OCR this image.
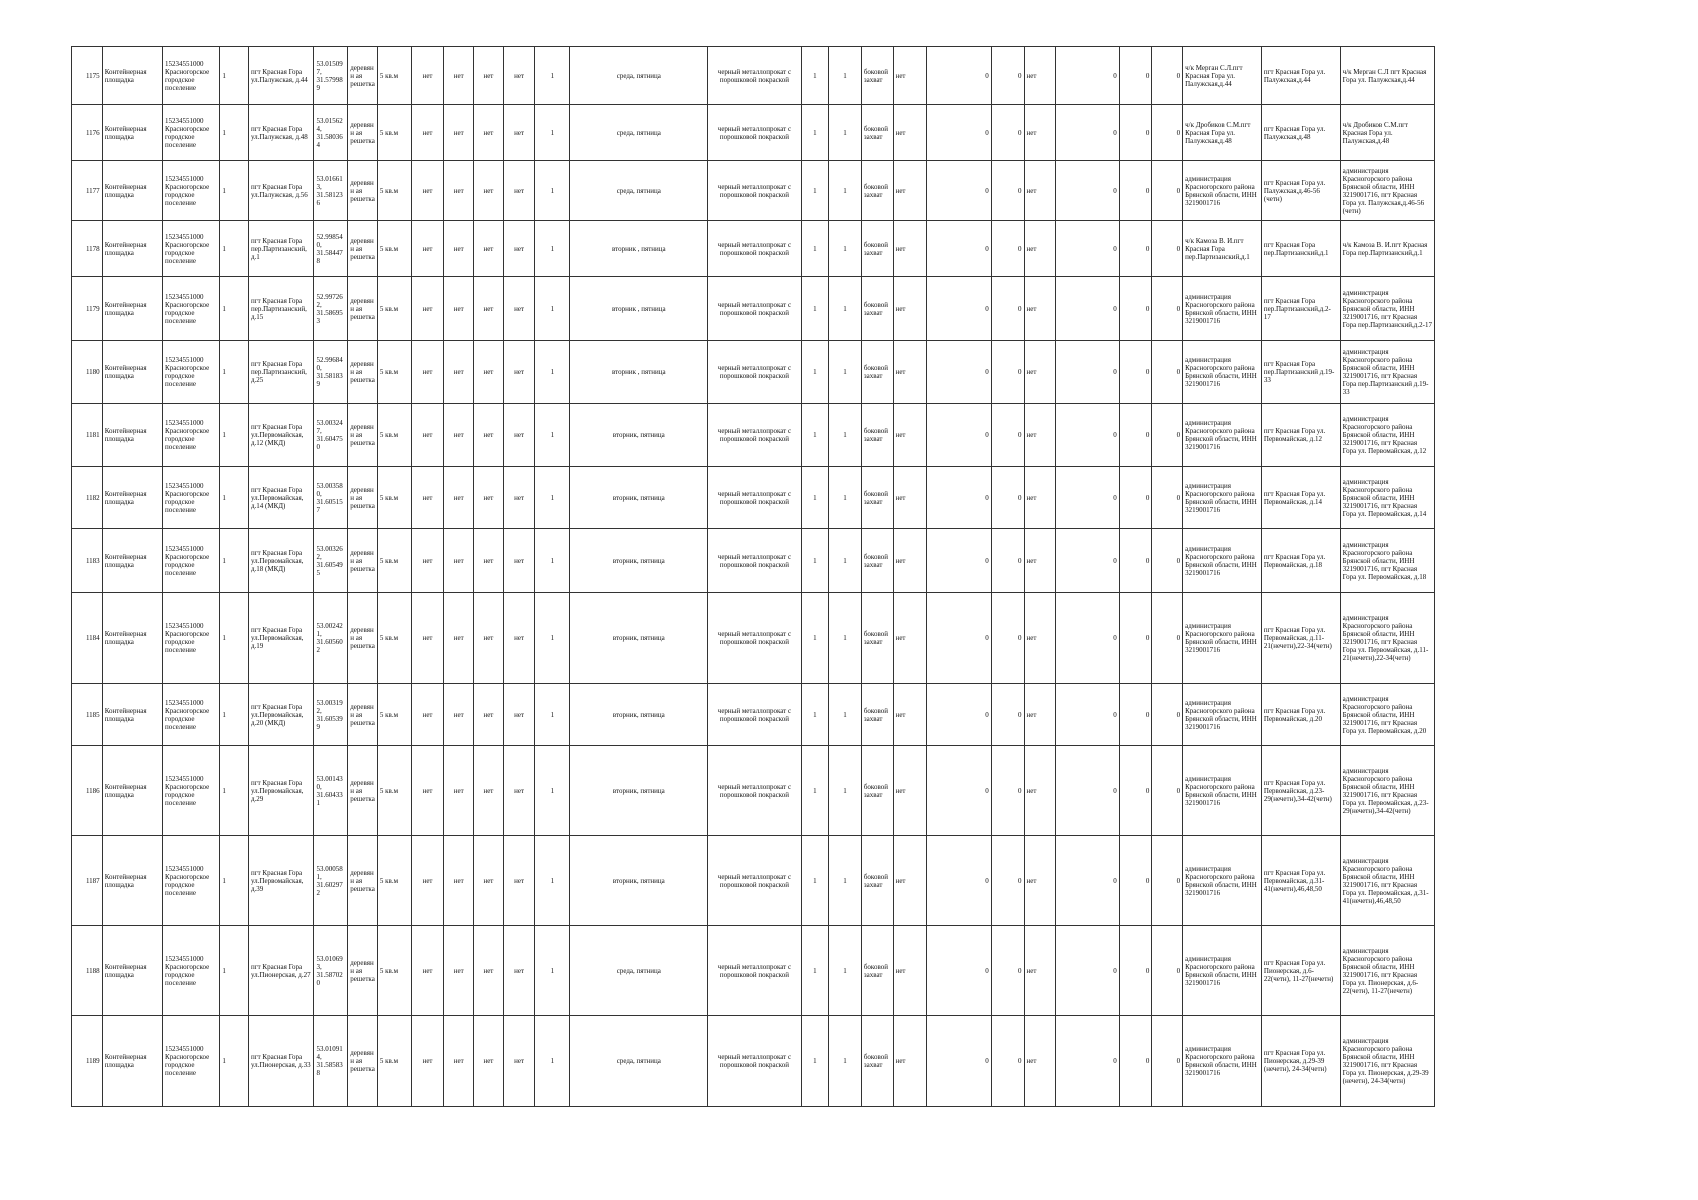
1175	Контейнерная площадка	15234551000 Красногорское городское поселение	1	пгт Красная Гора ул.Палужская, д.44	53.01509 7, 31.57998 9	деревянн ая решетка	5 кв.м	нет	нет	нет	нет	1	среда, пятница	черный металлопрокат с порошковой покраской	1	1	боковой захват	нет	0	0	нет	0	0	0	ч/к Мерган С.Л.пгт Красная Гора ул. Палужская,д.44	пгт Красная Гора ул. Палужская,д.44	ч/к Мерган С.Л пгт Красная Гора ул. Палужская,д.44
1176	Контейнерная площадка	15234551000 Красногорское городское поселение	1	пгт Красная Гора ул.Палужская, д.48	53.01562 4, 31.58036 4	деревянн ая решетка	5 кв.м	нет	нет	нет	нет	1	среда, пятница	черный металлопрокат с порошковой покраской	1	1	боковой захват	нет	0	0	нет	0	0	0	ч/к Дробиков С.М.пгт Красная Гора ул. Палужская,д.48	пгт Красная Гора ул. Палужская,д.48	ч/к Дробиков С.М.пгт Красная Гора ул. Палужская,д.48
1177	Контейнерная площадка	15234551000 Красногорское городское поселение	1	пгт Красная Гора ул.Палужская, д.56	53.01661 3, 31.58123 6	деревянн ая решетка	5 кв.м	нет	нет	нет	нет	1	среда, пятница	черный металлопрокат с порошковой покраской	1	1	боковой захват	нет	0	0	нет	0	0	0	администрация Красногорского района Брянской области, ИНН 3219001716	пгт Красная Гора ул. Палужская,д.46-56 (четн)	администрация Красногорского района Брянской области, ИНН 3219001716, пгт Красная Гора ул. Палужская,д.46-56 (четн)
1178	Контейнерная площадка	15234551000 Красногорское городское поселение	1	пгт Красная Гора пер.Партизанский, д.1	52.99854 0, 31.58447 8	деревянн ая решетка	5 кв.м	нет	нет	нет	нет	1	вторник , пятница	черный металлопрокат с порошковой покраской	1	1	боковой захват	нет	0	0	нет	0	0	0	ч/к Камоза В. И.пгт Красная Гора пер.Партизанский,д.1	пгт Красная Гора пер.Партизанский,д.1	ч/к Камоза В. И.пгт Красная Гора пер.Партизанский,д.1
1179	Контейнерная площадка	15234551000 Красногорское городское поселение	1	пгт Красная Гора пер.Партизанский, д.15	52.99726 2, 31.58695 3	деревянн ая решетка	5 кв.м	нет	нет	нет	нет	1	вторник , пятница	черный металлопрокат с порошковой покраской	1	1	боковой захват	нет	0	0	нет	0	0	0	администрация Красногорского района Брянской области, ИНН 3219001716	пгт Красная Гора пер.Партизанский,д.2-17	администрация Красногорского района Брянской области, ИНН 3219001716, пгт Красная Гора пер.Партизанский,д.2-17
1180	Контейнерная площадка	15234551000 Красногорское городское поселение	1	пгт Красная Гора пер.Партизанский, д.25	52.99684 0, 31.58183 9	деревянн ая решетка	5 кв.м	нет	нет	нет	нет	1	вторник , пятница	черный металлопрокат с порошковой покраской	1	1	боковой захват	нет	0	0	нет	0	0	0	администрация Красногорского района Брянской области, ИНН 3219001716	пгт Красная Гора пер.Партизанский д.19-33	администрация Красногорского района Брянской области, ИНН 3219001716, пгт Красная Гора пер.Партизанский д.19-33
1181	Контейнерная площадка	15234551000 Красногорское городское поселение	1	пгт Красная Гора ул.Первомайская, д.12 (МКД)	53.00324 7, 31.60475 0	деревянн ая решетка	5 кв.м	нет	нет	нет	нет	1	вторник, пятница	черный металлопрокат с порошковой покраской	1	1	боковой захват	нет	0	0	нет	0	0	0	администрация Красногорского района Брянской области, ИНН 3219001716	пгт Красная Гора ул. Первомайская, д.12	администрация Красногорского района Брянской области, ИНН 3219001716, пгт Красная Гора ул. Первомайская, д.12
1182	Контейнерная площадка	15234551000 Красногорское городское поселение	1	пгт Красная Гора ул.Первомайская, д.14 (МКД)	53.00358 0, 31.60515 7	деревянн ая решетка	5 кв.м	нет	нет	нет	нет	1	вторник, пятница	черный металлопрокат с порошковой покраской	1	1	боковой захват	нет	0	0	нет	0	0	0	администрация Красногорского района Брянской области, ИНН 3219001716	пгт Красная Гора ул. Первомайская, д.14	администрация Красногорского района Брянской области, ИНН 3219001716, пгт Красная Гора ул. Первомайская, д.14
1183	Контейнерная площадка	15234551000 Красногорское городское поселение	1	пгт Красная Гора ул.Первомайская, д.18 (МКД)	53.00326 2, 31.60549 5	деревянн ая решетка	5 кв.м	нет	нет	нет	нет	1	вторник, пятница	черный металлопрокат с порошковой покраской	1	1	боковой захват	нет	0	0	нет	0	0	0	администрация Красногорского района Брянской области, ИНН 3219001716	пгт Красная Гора ул. Первомайская, д.18	администрация Красногорского района Брянской области, ИНН 3219001716, пгт Красная Гора ул. Первомайская, д.18
1184	Контейнерная площадка	15234551000 Красногорское городское поселение	1	пгт Красная Гора ул.Первомайская, д.19	53.00242 1, 31.60560 2	деревянн ая решетка	5 кв.м	нет	нет	нет	нет	1	вторник, пятница	черный металлопрокат с порошковой покраской	1	1	боковой захват	нет	0	0	нет	0	0	0	администрация Красногорского района Брянской области, ИНН 3219001716	пгт Красная Гора ул. Первомайская, д.11-21(нечетн),22-34(четн)	администрация Красногорского района Брянской области, ИНН 3219001716, пгт Красная Гора ул. Первомайская, д.11-21(нечетн),22-34(четн)
1185	Контейнерная площадка	15234551000 Красногорское городское поселение	1	пгт Красная Гора ул.Первомайская, д.20 (МКД)	53.00319 2, 31.60539 9	деревянн ая решетка	5 кв.м	нет	нет	нет	нет	1	вторник, пятница	черный металлопрокат с порошковой покраской	1	1	боковой захват	нет	0	0	нет	0	0	0	администрация Красногорского района Брянской области, ИНН 3219001716	пгт Красная Гора ул. Первомайская, д.20	администрация Красногорского района Брянской области, ИНН 3219001716, пгт Красная Гора ул. Первомайская, д.20
1186	Контейнерная площадка	15234551000 Красногорское городское поселение	1	пгт Красная Гора ул.Первомайская, д.29	53.00143 0, 31.60433 1	деревянн ая решетка	5 кв.м	нет	нет	нет	нет	1	вторник, пятница	черный металлопрокат с порошковой покраской	1	1	боковой захват	нет	0	0	нет	0	0	0	администрация Красногорского района Брянской области, ИНН 3219001716	пгт Красная Гора ул. Первомайская, д.23-29(нечетн),34-42(четн)	администрация Красногорского района Брянской области, ИНН 3219001716, пгт Красная Гора ул. Первомайская, д.23-29(нечетн),34-42(четн)
1187	Контейнерная площадка	15234551000 Красногорское городское поселение	1	пгт Красная Гора ул.Первомайская, д.39	53.00058 1, 31.60297 2	деревянн ая решетка	5 кв.м	нет	нет	нет	нет	1	вторник, пятница	черный металлопрокат с порошковой покраской	1	1	боковой захват	нет	0	0	нет	0	0	0	администрация Красногорского района Брянской области, ИНН 3219001716	пгт Красная Гора ул. Первомайская, д.31-41(нечетн),46,48,50	администрация Красногорского района Брянской области, ИНН 3219001716, пгт Красная Гора ул. Первомайская, д.31-41(нечетн),46,48,50
1188	Контейнерная площадка	15234551000 Красногорское городское поселение	1	пгт Красная Гора ул.Пионерская, д.27	53.01069 3, 31.58702 0	деревянн ая решетка	5 кв.м	нет	нет	нет	нет	1	среда, пятница	черный металлопрокат с порошковой покраской	1	1	боковой захват	нет	0	0	нет	0	0	0	администрация Красногорского района Брянской области, ИНН 3219001716	пгт Красная Гора ул. Пионерская, д.6-22(четн), 11-27(нечетн)	администрация Красногорского района Брянской области, ИНН 3219001716, пгт Красная Гора ул. Пионерская, д.6-22(четн), 11-27(нечетн)
1189	Контейнерная площадка	15234551000 Красногорское городское поселение	1	пгт Красная Гора ул.Пионерская, д.33	53.01091 4, 31.58583 8	деревянн ая решетка	5 кв.м	нет	нет	нет	нет	1	среда, пятница	черный металлопрокат с порошковой покраской	1	1	боковой захват	нет	0	0	нет	0	0	0	администрация Красногорского района Брянской области, ИНН 3219001716	пгт Красная Гора ул. Пионерская, д.29-39 (нечетн), 24-34(четн)	администрация Красногорского района Брянской области, ИНН 3219001716, пгт Красная Гора ул. Пионерская, д.29-39 (нечетн), 24-34(четн)
